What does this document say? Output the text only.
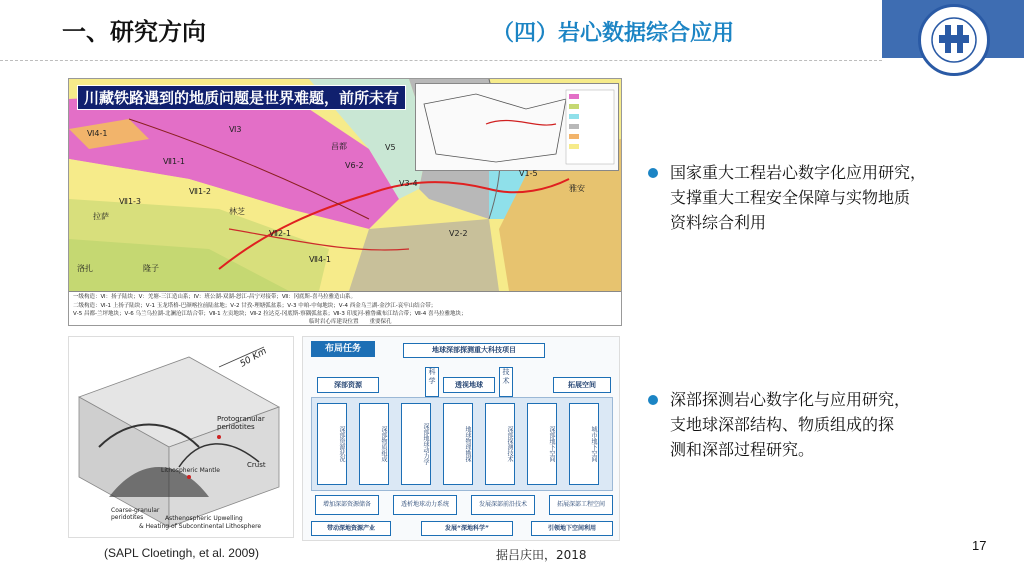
一、研究方向	（四）岩心数据综合应用
川藏铁路遇到的地质问题是世界难题，前所未有
拉萨
林芝
昌都
雅安
洛扎	隆子
Ⅵ4-1	Ⅵ3
Ⅴ6-2
Ⅴ5
Ⅴ3-4
Ⅴ1-5
Ⅶ1-1
Ⅶ1-2
Ⅶ1-3
Ⅴ2-2
Ⅶ4-1
Ⅶ2-1
一级构造：Ⅵ：扬子陆块；Ⅴ：羌塘-三江造山系；Ⅳ：班公湖-双湖-怒江-昌宁对接带；Ⅶ：冈底斯-喜马拉雅造山系。
二级构造：Ⅵ-1 上扬子陆块；Ⅴ-1 玉龙塔格-巴颜喀拉前陆盆地；Ⅴ-2 甘孜-理塘弧盆系；Ⅴ-3 中咱-中甸地块；Ⅴ-4 西金乌兰湖-金沙江-哀牢山结合带；
Ⅴ-5 昌都-兰坪地块；Ⅴ-6 乌兰乌拉湖-北澜沧江结合带；Ⅶ-1 左贡地块；Ⅶ-2 拉达克-冈底斯-察隅弧盆系；Ⅶ-3 印度河-雅鲁藏布江结合带；Ⅶ-4 喜马拉雅地块；
临时岩心库建设位置　　重要保孔
50 Km
Protogranular peridotites
Lithospheric Mantle
Crust
Coarse-granular peridotites	Asthenospheric Upwelling
& Heating of Subcontinental Lithosphere
布局任务	地球深部探测重大科技项目
科学	透视地球
技术
深部资源	拓展空间
深部资源状况	深部物质组成	深部地球动力学	地球物理勘探	深部探测技术	深部地下空间	城市地下空间
增加深部资源储备	透析地球动力系统	发展深部前沿技术	拓展深部工程空间
带动深地资源产业	发展“深地科学”	引领地下空间利用
(SAPL Cloetingh, et al. 2009)	据吕庆田，2018
国家重大工程岩心数字化应用研究，
支撑重大工程安全保障与实物地质
资料综合利用
深部探测岩心数字化与应用研究，
支地球深部结构、物质组成的探
测和深部过程研究。
17
